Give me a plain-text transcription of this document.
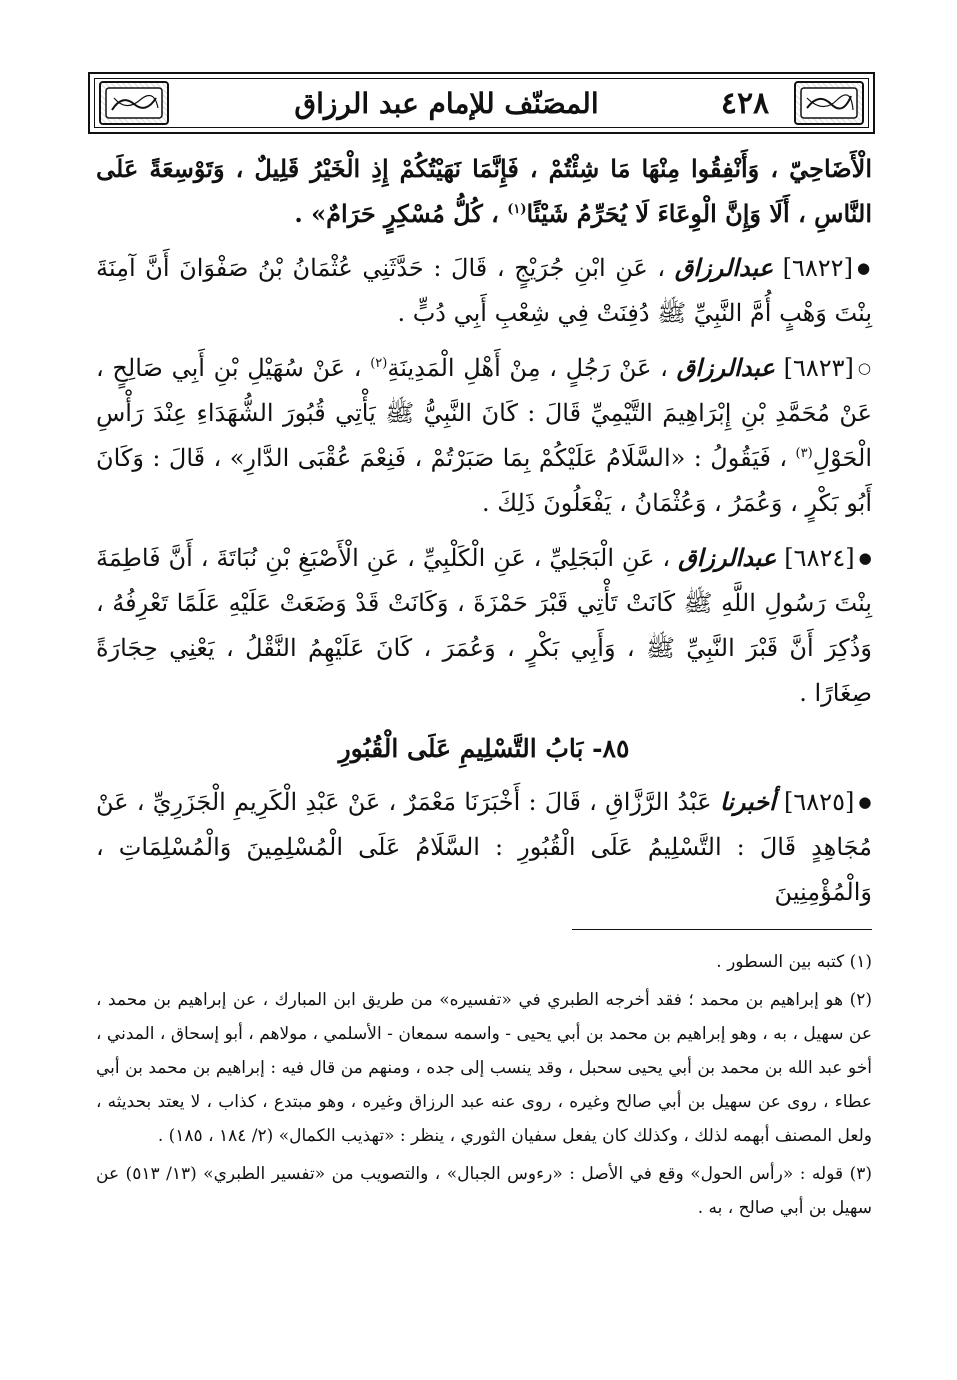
المصَنّف للإمام عبد الرزاق	٤٢٨

الْأَضَاحِيّ ، وَأَنْفِقُوا مِنْهَا مَا شِئْتُمْ ، فَإِنَّمَا نَهَيْتُكُمْ إِذِ الْخَيْرُ قَلِيلٌ ، وَتَوْسِعَةً عَلَى النَّاسِ ، أَلَا وَإِنَّ الْوِعَاءَ لَا يُحَرِّمُ شَيْئًا$^{(١)}$ ، كُلُّ مُسْكِرٍ حَرَامٌ» .

●[٦٨٢٢] عبدالرزاق ، عَنِ ابْنِ جُرَيْجٍ ، قَالَ : حَدَّثَنِي عُثْمَانُ بْنُ صَفْوَانَ أَنَّ آمِنَةَ بِنْتَ وَهْبٍ أُمَّ النَّبِيِّ ﷺ دُفِنَتْ فِي شِعْبِ أَبِي دُبٍّ .

○[٦٨٢٣] عبدالرزاق ، عَنْ رَجُلٍ ، مِنْ أَهْلِ الْمَدِينَةِ$^{(٢)}$ ، عَنْ سُهَيْلِ بْنِ أَبِي صَالِحٍ ، عَنْ مُحَمَّدِ بْنِ إِبْرَاهِيمَ التَّيْمِيِّ قَالَ : كَانَ النَّبِيُّ ﷺ يَأْتِي قُبُورَ الشُّهَدَاءِ عِنْدَ رَأْسِ الْحَوْلِ$^{(٣)}$ ، فَيَقُولُ : «السَّلَامُ عَلَيْكُمْ بِمَا صَبَرْتُمْ ، فَنِعْمَ عُقْبَى الدَّارِ» ، قَالَ : وَكَانَ أَبُو بَكْرٍ ، وَعُمَرُ ، وَعُثْمَانُ ، يَفْعَلُونَ ذَلِكَ .

●[٦٨٢٤] عبدالرزاق ، عَنِ الْبَجَلِيِّ ، عَنِ الْكَلْبِيِّ ، عَنِ الْأَصْبَغِ بْنِ نُبَاتَةَ ، أَنَّ فَاطِمَةَ بِنْتَ رَسُولِ اللَّهِ ﷺ كَانَتْ تَأْتِي قَبْرَ حَمْزَةَ ، وَكَانَتْ قَدْ وَضَعَتْ عَلَيْهِ عَلَمًا تَعْرِفُهُ ، وَذُكِرَ أَنَّ قَبْرَ النَّبِيِّ ﷺ ، وَأَبِي بَكْرٍ ، وَعُمَرَ ، كَانَ عَلَيْهِمُ النَّقْلُ ، يَعْنِي حِجَارَةً صِغَارًا .

٨٥- بَابُ التَّسْلِيمِ عَلَى الْقُبُورِ

●[٦٨٢٥] أخبرنا عَبْدُ الرَّزَّاقِ ، قَالَ : أَخْبَرَنَا مَعْمَرٌ ، عَنْ عَبْدِ الْكَرِيمِ الْجَزَرِيِّ ، عَنْ مُجَاهِدٍ قَالَ : التَّسْلِيمُ عَلَى الْقُبُورِ : السَّلَامُ عَلَى الْمُسْلِمِينَ وَالْمُسْلِمَاتِ ، وَالْمُؤْمِنِينَ

(١) كتبه بين السطور .

(٢) هو إبراهيم بن محمد ؛ فقد أخرجه الطبري في «تفسيره» من طريق ابن المبارك ، عن إبراهيم بن محمد ، عن سهيل ، به ، وهو إبراهيم بن محمد بن أبي يحيى - واسمه سمعان - الأسلمي ، مولاهم ، أبو إسحاق ، المدني ، أخو عبد الله بن محمد بن أبي يحيى سحبل ، وقد ينسب إلى جده ، ومنهم من قال فيه : إبراهيم بن محمد بن أبي عطاء ، روى عن سهيل بن أبي صالح وغيره ، روى عنه عبد الرزاق وغيره ، وهو مبتدع ، كذاب ، لا يعتد بحديثه ، ولعل المصنف أبهمه لذلك ، وكذلك كان يفعل سفيان الثوري ، ينظر : «تهذيب الكمال» (٢/ ١٨٤ ، ١٨٥) .

(٣) قوله : «رأس الحول» وقع في الأصل : «رءوس الجبال» ، والتصويب من «تفسير الطبري» (١٣/ ٥١٣) عن سهيل بن أبي صالح ، به .
